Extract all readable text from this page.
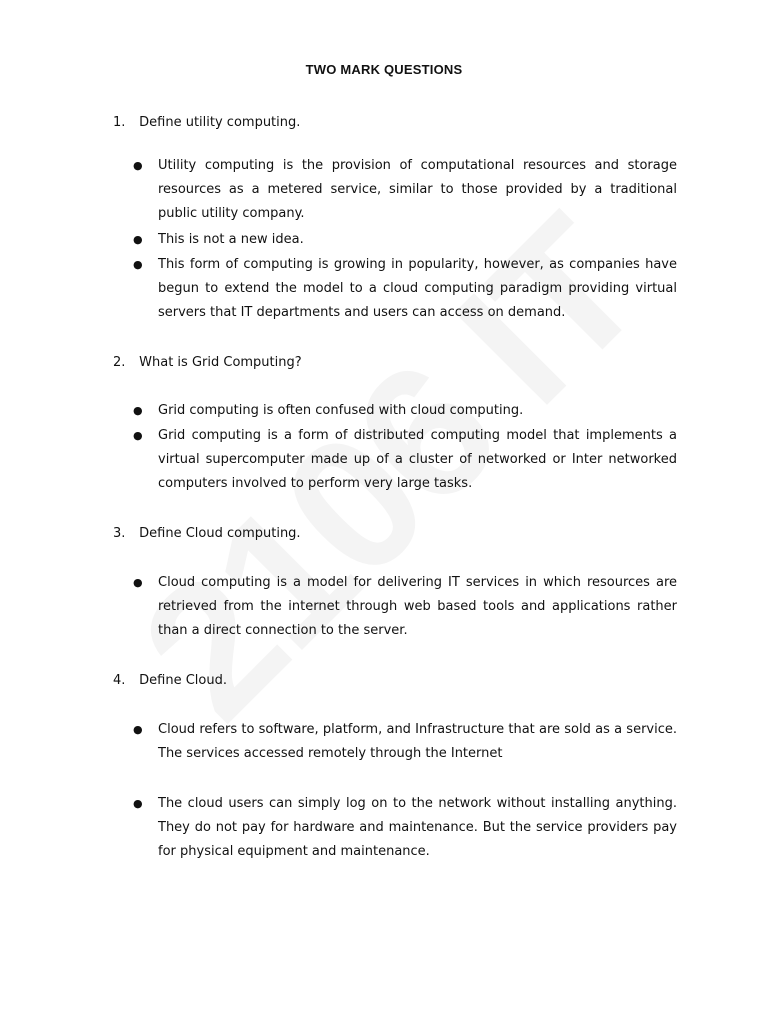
TWO MARK QUESTIONS
1. Define utility computing.
●	Utility computing is the provision of computational resources and storage resources as a metered service, similar to those provided by a traditional public utility company.
●	This is not a new idea.
●	This form of computing is growing in popularity, however, as companies have begun to extend the model to a cloud computing paradigm providing virtual servers that IT departments and users can access on demand.
2. What is Grid Computing?
●	Grid computing is often confused with cloud computing.
●	Grid computing is a form of distributed computing model that implements a virtual supercomputer made up of a cluster of networked or Inter networked computers involved to perform very large tasks.
3. Define Cloud computing.
●	Cloud computing is a model for delivering IT services in which resources are retrieved from the internet through web based tools and applications rather than a direct connection to the server.
4. Define Cloud.
●	Cloud refers to software, platform, and Infrastructure that are sold as a service. The services accessed remotely through the Internet
●	The cloud users can simply log on to the network without installing anything. They do not pay for hardware and maintenance. But the service providers pay for physical equipment and maintenance.
